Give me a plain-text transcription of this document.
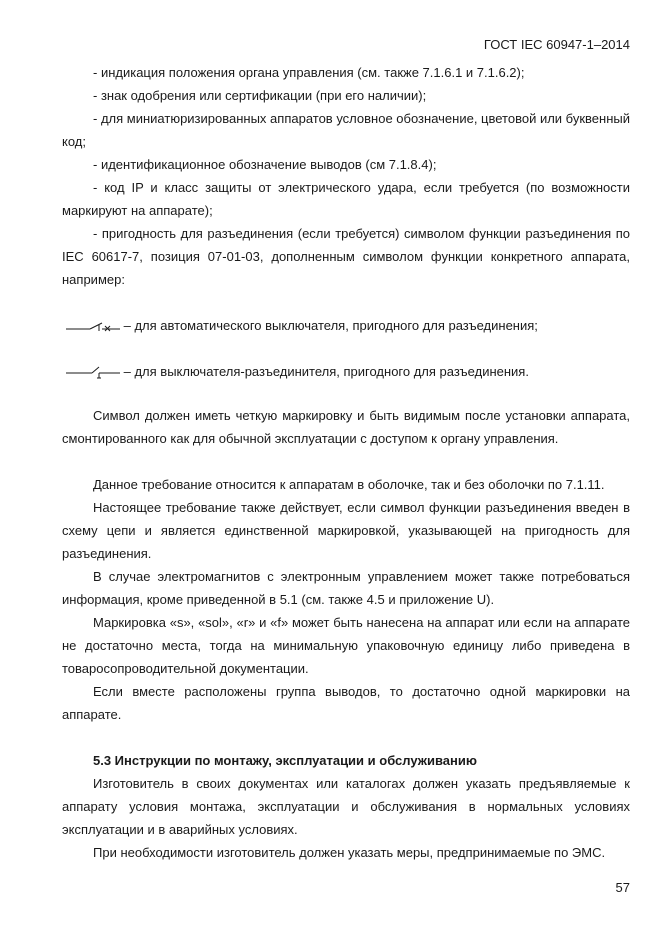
ГОСТ IEC 60947-1–2014

- индикация положения органа управления (см. также 7.1.6.1 и 7.1.6.2);

- знак одобрения или сертификации (при его наличии);

- для миниатюризированных аппаратов условное обозначение, цветовой или буквенный код;

- идентификационное обозначение выводов (см 7.1.8.4);

- код IP и класс защиты от электрического удара, если требуется (по возможности маркируют на аппарате);

- пригодность для разъединения (если требуется) символом функции разъединения по IEC 60617-7, позиция 07-01-03, дополненным символом функции конкретного аппарата, например:

– для автоматического выключателя, пригодного для разъединения;
– для выключателя-разъединителя, пригодного для разъединения.

Символ должен иметь четкую маркировку и быть видимым после установки аппарата, смонтированного как для обычной эксплуатации с доступом к органу управления.

Данное требование относится к аппаратам в оболочке, так и без оболочки по 7.1.11.

Настоящее требование также действует, если символ функции разъединения введен в схему цепи и является единственной маркировкой, указывающей на пригодность для разъединения.

В случае электромагнитов с электронным управлением может также потребоваться информация, кроме приведенной в 5.1 (см. также 4.5 и приложение U).

Маркировка «s», «sol», «r» и «f» может быть нанесена на аппарат или если на аппарате не достаточно места, тогда на минимальную упаковочную единицу либо приведена в товаросопроводительной документации.

Если вместе расположены группа выводов, то достаточно одной маркировки на аппарате.

5.3 Инструкции по монтажу, эксплуатации и обслуживанию

Изготовитель в своих документах или каталогах должен указать предъявляемые к аппарату условия монтажа, эксплуатации и обслуживания в нормальных условиях эксплуатации и в аварийных условиях.

При необходимости изготовитель должен указать меры, предпринимаемые по ЭМС.

57
